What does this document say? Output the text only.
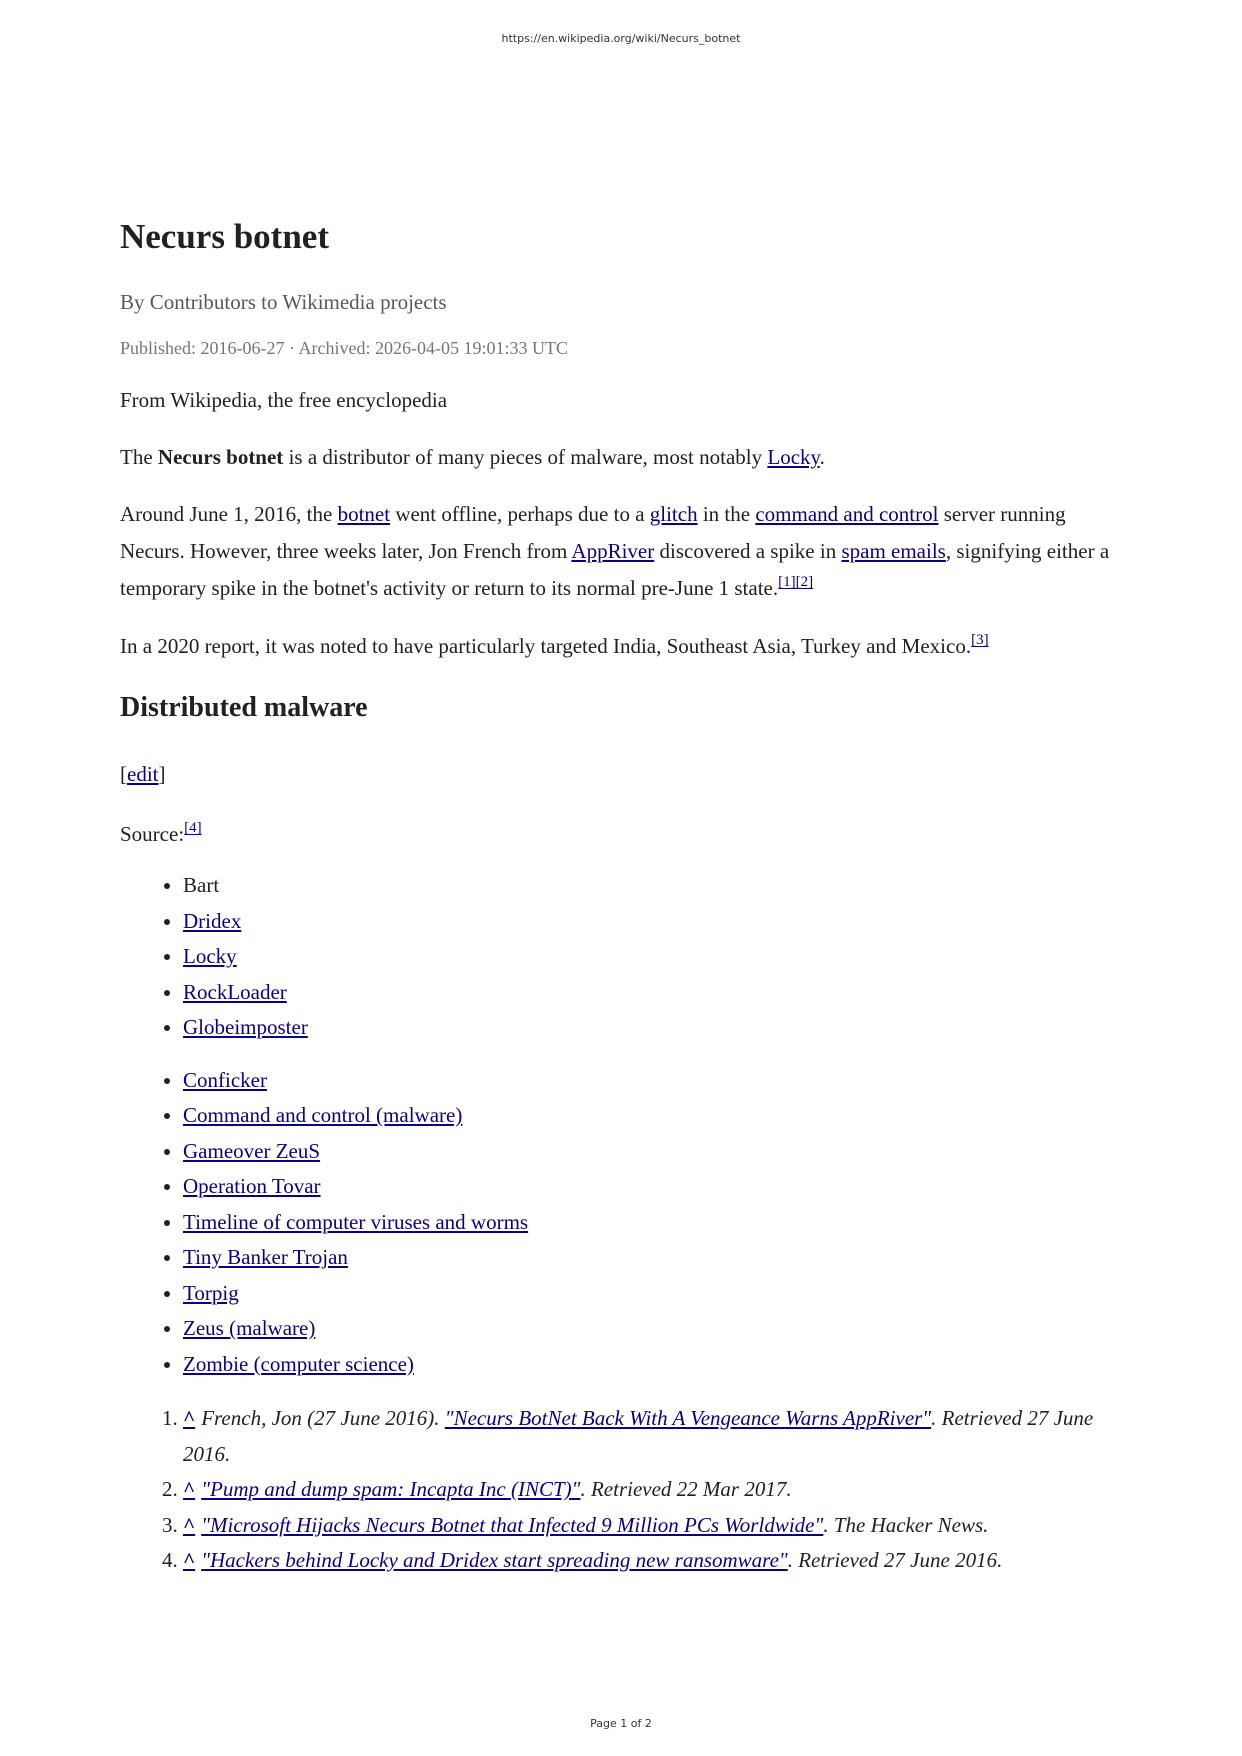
https://en.wikipedia.org/wiki/Necurs_botnet
Necurs botnet
By Contributors to Wikimedia projects
Published: 2016-06-27 · Archived: 2026-04-05 19:01:33 UTC

From Wikipedia, the free encyclopedia

The Necurs botnet is a distributor of many pieces of malware, most notably Locky.

Around June 1, 2016, the botnet went offline, perhaps due to a glitch in the command and control server running Necurs. However, three weeks later, Jon French from AppRiver discovered a spike in spam emails, signifying either a temporary spike in the botnet's activity or return to its normal pre-June 1 state.[1][2]

In a 2020 report, it was noted to have particularly targeted India, Southeast Asia, Turkey and Mexico.[3]

Distributed malware

[edit]

Source:[4]

• Bart
• Dridex
• Locky
• RockLoader
• Globeimposter
• Conficker
• Command and control (malware)
• Gameover ZeuS
• Operation Tovar
• Timeline of computer viruses and worms
• Tiny Banker Trojan
• Torpig
• Zeus (malware)
• Zombie (computer science)
1. ^ French, Jon (27 June 2016). "Necurs BotNet Back With A Vengeance Warns AppRiver". Retrieved 27 June 2016.
2. ^ "Pump and dump spam: Incapta Inc (INCT)". Retrieved 22 Mar 2017.
3. ^ "Microsoft Hijacks Necurs Botnet that Infected 9 Million PCs Worldwide". The Hacker News.
4. ^ "Hackers behind Locky and Dridex start spreading new ransomware". Retrieved 27 June 2016.
Page 1 of 2
